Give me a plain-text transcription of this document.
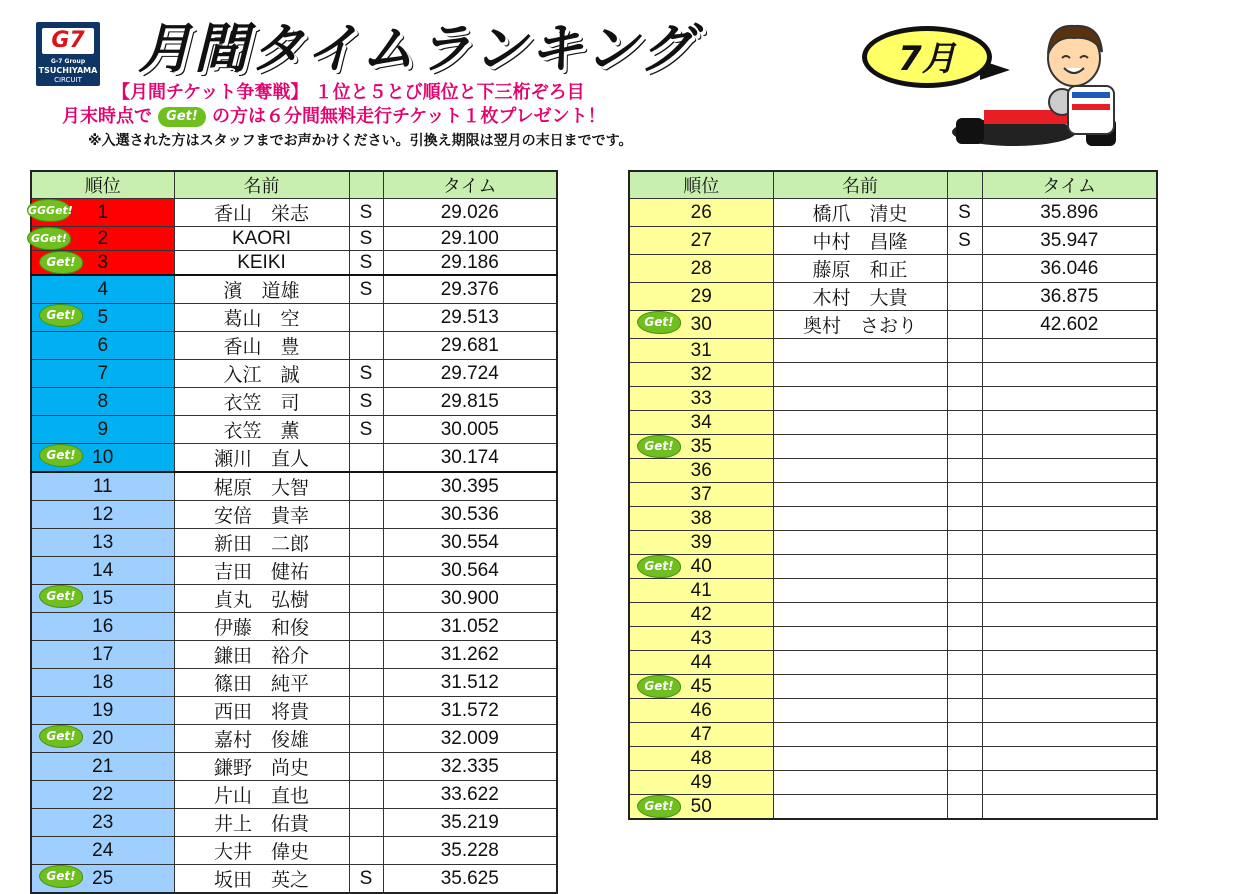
G7
G-7 Group
TSUCHIYAMA
CIRCUIT	月間タイムランキング	7月
【月間チケット争奪戦】 １位と５とび順位と下三桁ぞろ目
月末時点で Get! の方は６分間無料走行チケット１枚プレゼント！
※入選された方はスタッフまでお声かけください。引換え期限は翌月の末日までです。
順位	名前		タイム

GGGet! 1	香山　栄志	S	29.026

GGet! 2	KAORI	S	29.100

Get! 3	KEIKI	S	29.186
4	濱　道雄	S	29.376

Get! 5	葛山　空		29.513
6	香山　豊		29.681
7	入江　誠	S	29.724
8	衣笠　司	S	29.815
9	衣笠　薫	S	30.005

Get! 10	瀬川　直人		30.174
11	梶原　大智		30.395
12	安倍　貴幸		30.536
13	新田　二郎		30.554
14	吉田　健祐		30.564

Get! 15	貞丸　弘樹		30.900
16	伊藤　和俊		31.052
17	鎌田　裕介		31.262
18	篠田　純平		31.512
19	西田　将貴		31.572

Get! 20	嘉村　俊雄		32.009
21	鎌野　尚史		32.335
22	片山　直也		33.622
23	井上　佑貴		35.219
24	大井　偉史		35.228

Get! 25	坂田　英之	S	35.625
順位	名前		タイム
26	橋爪　清史	S	35.896
27	中村　昌隆	S	35.947
28	藤原　和正		36.046
29	木村　大貴		36.875

Get! 30	奥村　さおり		42.602
31			
32			
33			
34			

Get! 35			
36			
37			
38			
39			

Get! 40			
41			
42			
43			
44			

Get! 45			
46			
47			
48			
49			

Get! 50			
